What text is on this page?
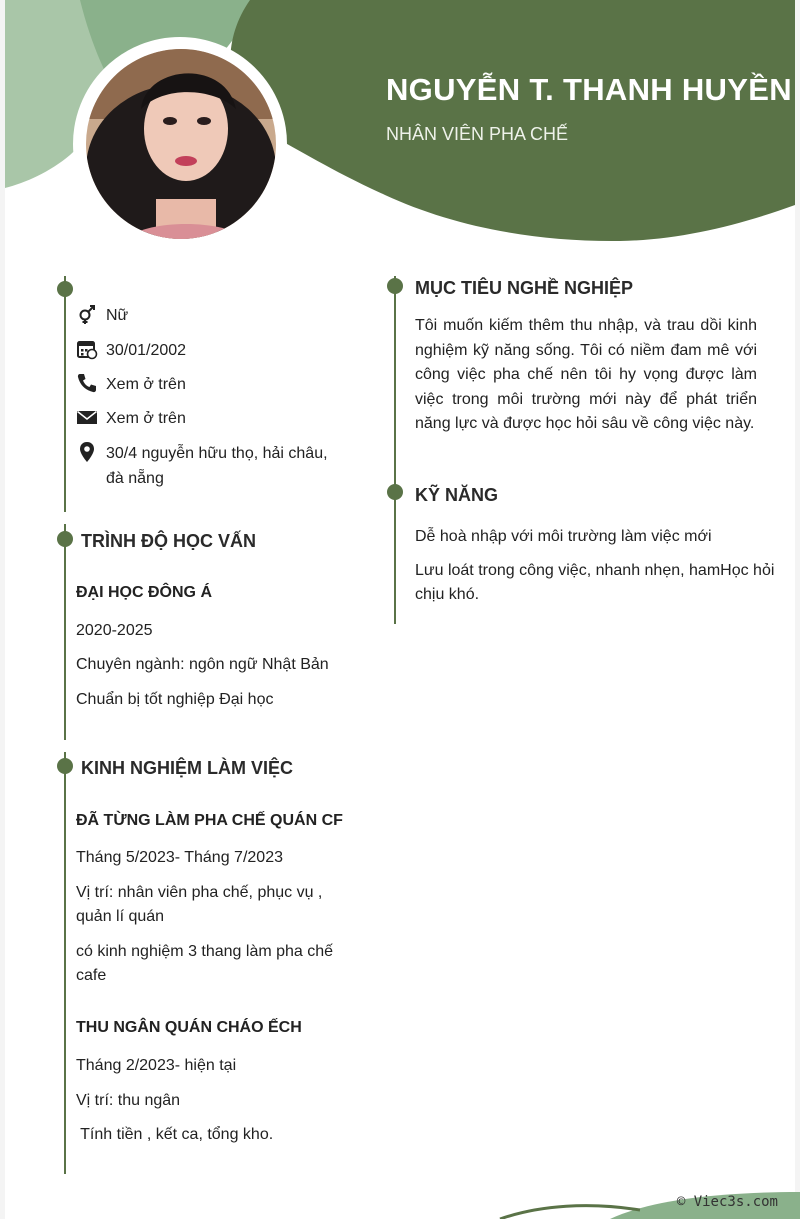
NGUYỄN T. THANH HUYỀN
NHÂN VIÊN PHA CHẾ
Nữ
30/01/2002
Xem ở trên
Xem ở trên
30/4 nguyễn hữu thọ, hải châu, đà nẵng
TRÌNH ĐỘ HỌC VẤN
ĐẠI HỌC ĐÔNG Á
2020-2025
Chuyên ngành: ngôn ngữ Nhật Bản
Chuẩn bị tốt nghiệp Đại học
KINH NGHIỆM LÀM VIỆC
ĐÃ TỪNG LÀM PHA CHẾ QUÁN CF
Tháng 5/2023- Tháng 7/2023
Vị trí: nhân viên pha chế, phục vụ , quản lí quán
có kinh nghiệm 3 thang làm pha chế cafe
THU NGÂN QUÁN CHÁO ẾCH
Tháng 2/2023- hiện tại
Vị trí: thu ngân
Tính tiền , kết ca, tổng kho.
MỤC TIÊU NGHỀ NGHIỆP
Tôi muốn kiếm thêm thu nhập, và trau dồi kinh nghiệm kỹ năng sống. Tôi có niềm đam mê với công việc pha chế nên tôi hy vọng được làm việc trong môi trường mới này để phát triển năng lực và được học hỏi sâu về công việc này.
KỸ NĂNG
Dễ hoà nhập với môi trường làm việc mới
Lưu loát trong công việc, nhanh nhẹn, hamHọc hỏi chịu khó.
© Viec3s.com
